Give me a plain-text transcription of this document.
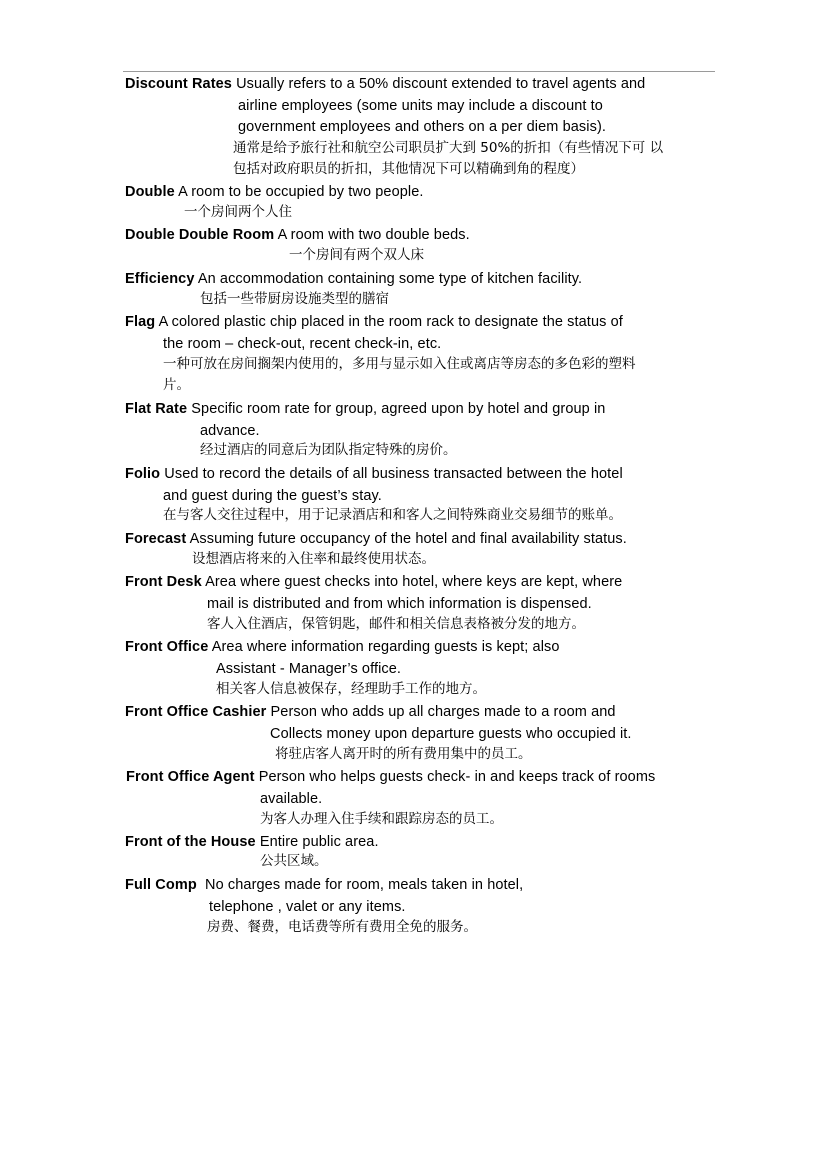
Discount Rates Usually refers to a 50% discount extended to travel agents and
airline employees (some units may include a discount to
government employees and others on a per diem basis).
通常是给予旅行社和航空公司职员扩大到 50%的折扣（有些情况下可 以
包括对政府职员的折扣，其他情况下可以精确到角的程度）
Double A room to be occupied by two people.
一个房间两个人住
Double Double Room A room with two double beds.
一个房间有两个双人床
Efficiency An accommodation containing some type of kitchen facility.
包括一些带厨房设施类型的膳宿
Flag A colored plastic chip placed in the room rack to designate the status of
the room – check-out, recent check-in, etc.
一种可放在房间搁架内使用的，多用与显示如入住或离店等房态的多色彩的塑料
片。
Flat Rate Specific room rate for group, agreed upon by hotel and group in
advance.
经过酒店的同意后为团队指定特殊的房价。
Folio Used to record the details of all business transacted between the hotel
and guest during the guest’s stay.
在与客人交往过程中，用于记录酒店和和客人之间特殊商业交易细节的账单。
Forecast Assuming future occupancy of the hotel and final availability status.
设想酒店将来的入住率和最终使用状态。
Front Desk Area where guest checks into hotel, where keys are kept, where
mail is distributed and from which information is dispensed.
客人入住酒店，保管钥匙，邮件和相关信息表格被分发的地方。
Front Office Area where information regarding guests is kept; also
Assistant - Manager’s office.
相关客人信息被保存，经理助手工作的地方。
Front Office Cashier Person who adds up all charges made to a room and
Collects money upon departure guests who occupied it.
将驻店客人离开时的所有费用集中的员工。
Front Office Agent Person who helps guests check- in and keeps track of rooms
available.
为客人办理入住手续和跟踪房态的员工。
Front of the House Entire public area.
公共区域。
Full Comp No charges made for room, meals taken in hotel,
telephone , valet or any items.
房费、餐费，电话费等所有费用全免的服务。
